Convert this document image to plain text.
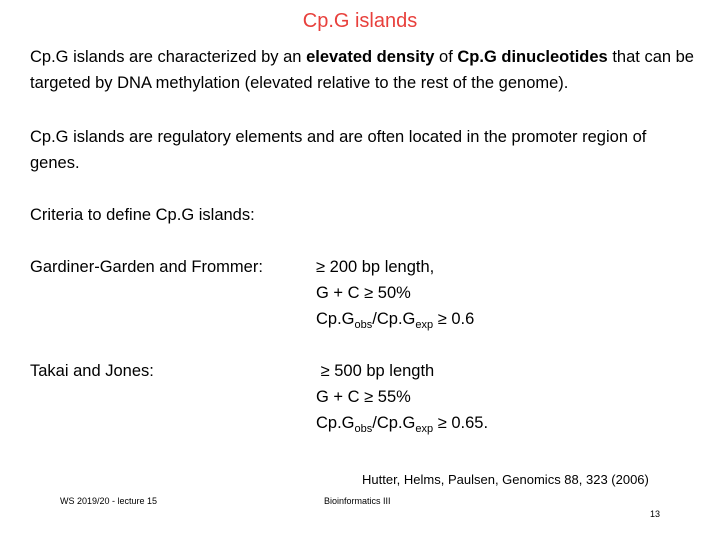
Cp.G islands
Cp.G islands are characterized by an elevated density of Cp.G dinucleotides that can be targeted by DNA methylation (elevated relative to the rest of the genome).
Cp.G islands are regulatory elements and are often located in the promoter region of genes.
Criteria to define Cp.G islands:
Gardiner-Garden and Frommer:	≥ 200 bp length,
G + C ≥ 50%
$Cp.G_{obs}/Cp.G_{exp} \ge 0.6$
Takai and Jones:	≥ 500 bp length
G + C ≥ 55%
$Cp.G_{obs}/Cp.G_{exp} \ge 0.65$.
Hutter, Helms, Paulsen, Genomics 88, 323 (2006)
WS 2019/20 - lecture 15	Bioinformatics III
13
